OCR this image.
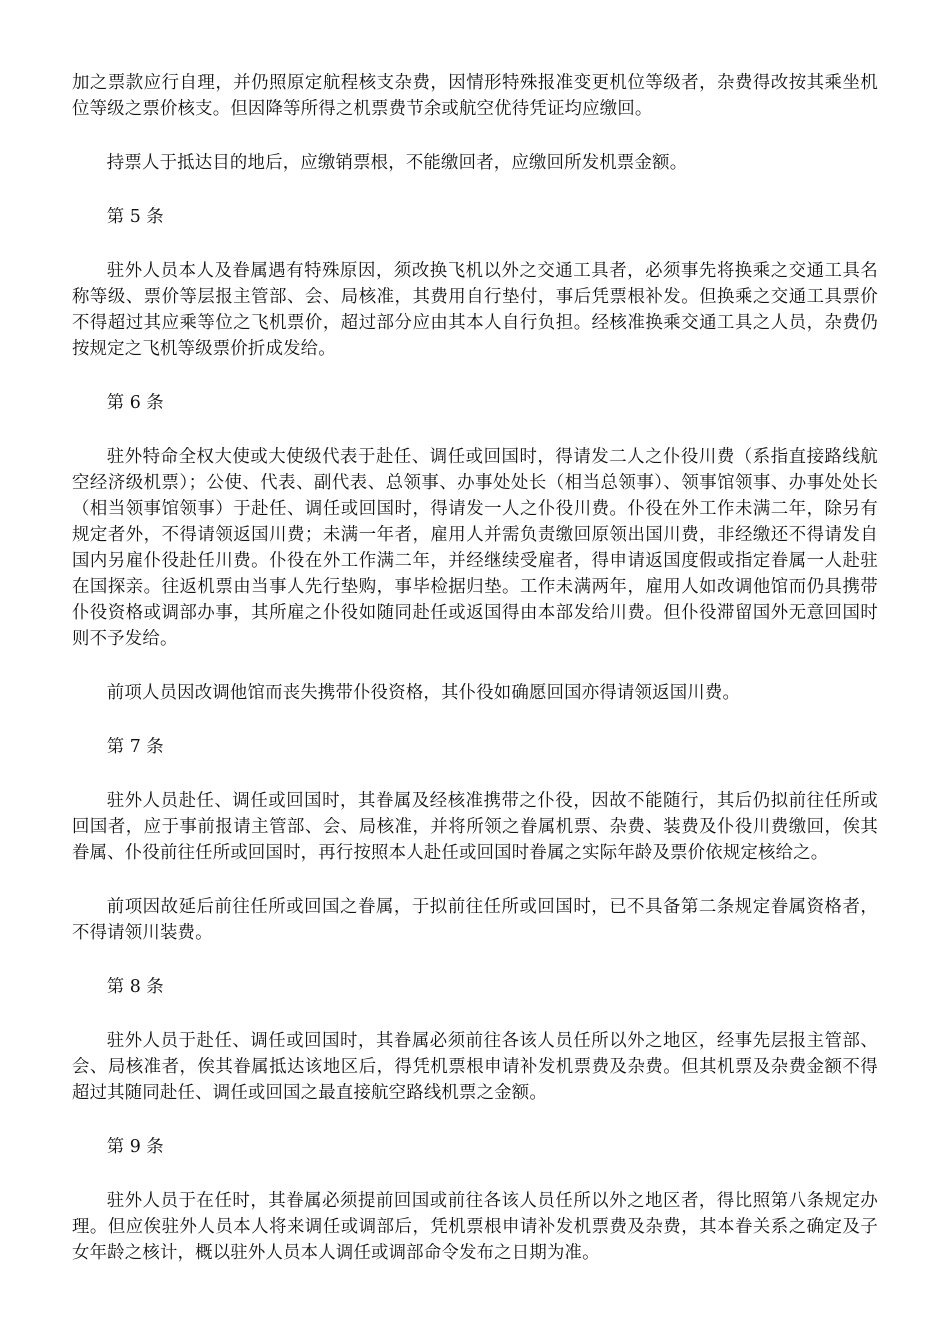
加之票款应行自理，并仍照原定航程核支杂费，因情形特殊报准变更机位等级者，杂费得改按其乘坐机位等级之票价核支。但因降等所得之机票费节余或航空优待凭证均应缴回。

持票人于抵达目的地后，应缴销票根，不能缴回者，应缴回所发机票金额。

第 5 条

驻外人员本人及眷属遇有特殊原因，须改换飞机以外之交通工具者，必须事先将换乘之交通工具名称等级、票价等层报主管部、会、局核准，其费用自行垫付，事后凭票根补发。但换乘之交通工具票价不得超过其应乘等位之飞机票价，超过部分应由其本人自行负担。经核准换乘交通工具之人员，杂费仍按规定之飞机等级票价折成发给。

第 6 条

驻外特命全权大使或大使级代表于赴任、调任或回国时，得请发二人之仆役川费（系指直接路线航空经济级机票）；公使、代表、副代表、总领事、办事处处长（相当总领事）、领事馆领事、办事处处长（相当领事馆领事）于赴任、调任或回国时，得请发一人之仆役川费。仆役在外工作未满二年，除另有规定者外，不得请领返国川费；未满一年者，雇用人并需负责缴回原领出国川费，非经缴还不得请发自国内另雇仆役赴任川费。仆役在外工作满二年，并经继续受雇者，得申请返国度假或指定眷属一人赴驻在国探亲。往返机票由当事人先行垫购，事毕检据归垫。工作未满两年，雇用人如改调他馆而仍具携带仆役资格或调部办事，其所雇之仆役如随同赴任或返国得由本部发给川费。但仆役滞留国外无意回国时则不予发给。

前项人员因改调他馆而丧失携带仆役资格，其仆役如确愿回国亦得请领返国川费。

第 7 条

驻外人员赴任、调任或回国时，其眷属及经核准携带之仆役，因故不能随行，其后仍拟前往任所或回国者，应于事前报请主管部、会、局核准，并将所领之眷属机票、杂费、装费及仆役川费缴回，俟其眷属、仆役前往任所或回国时，再行按照本人赴任或回国时眷属之实际年龄及票价依规定核给之。

前项因故延后前往任所或回国之眷属，于拟前往任所或回国时，已不具备第二条规定眷属资格者，不得请领川装费。

第 8 条

驻外人员于赴任、调任或回国时，其眷属必须前往各该人员任所以外之地区，经事先层报主管部、会、局核准者，俟其眷属抵达该地区后，得凭机票根申请补发机票费及杂费。但其机票及杂费金额不得超过其随同赴任、调任或回国之最直接航空路线机票之金额。

第 9 条

驻外人员于在任时，其眷属必须提前回国或前往各该人员任所以外之地区者，得比照第八条规定办理。但应俟驻外人员本人将来调任或调部后，凭机票根申请补发机票费及杂费，其本眷关系之确定及子女年龄之核计，概以驻外人员本人调任或调部命令发布之日期为准。
